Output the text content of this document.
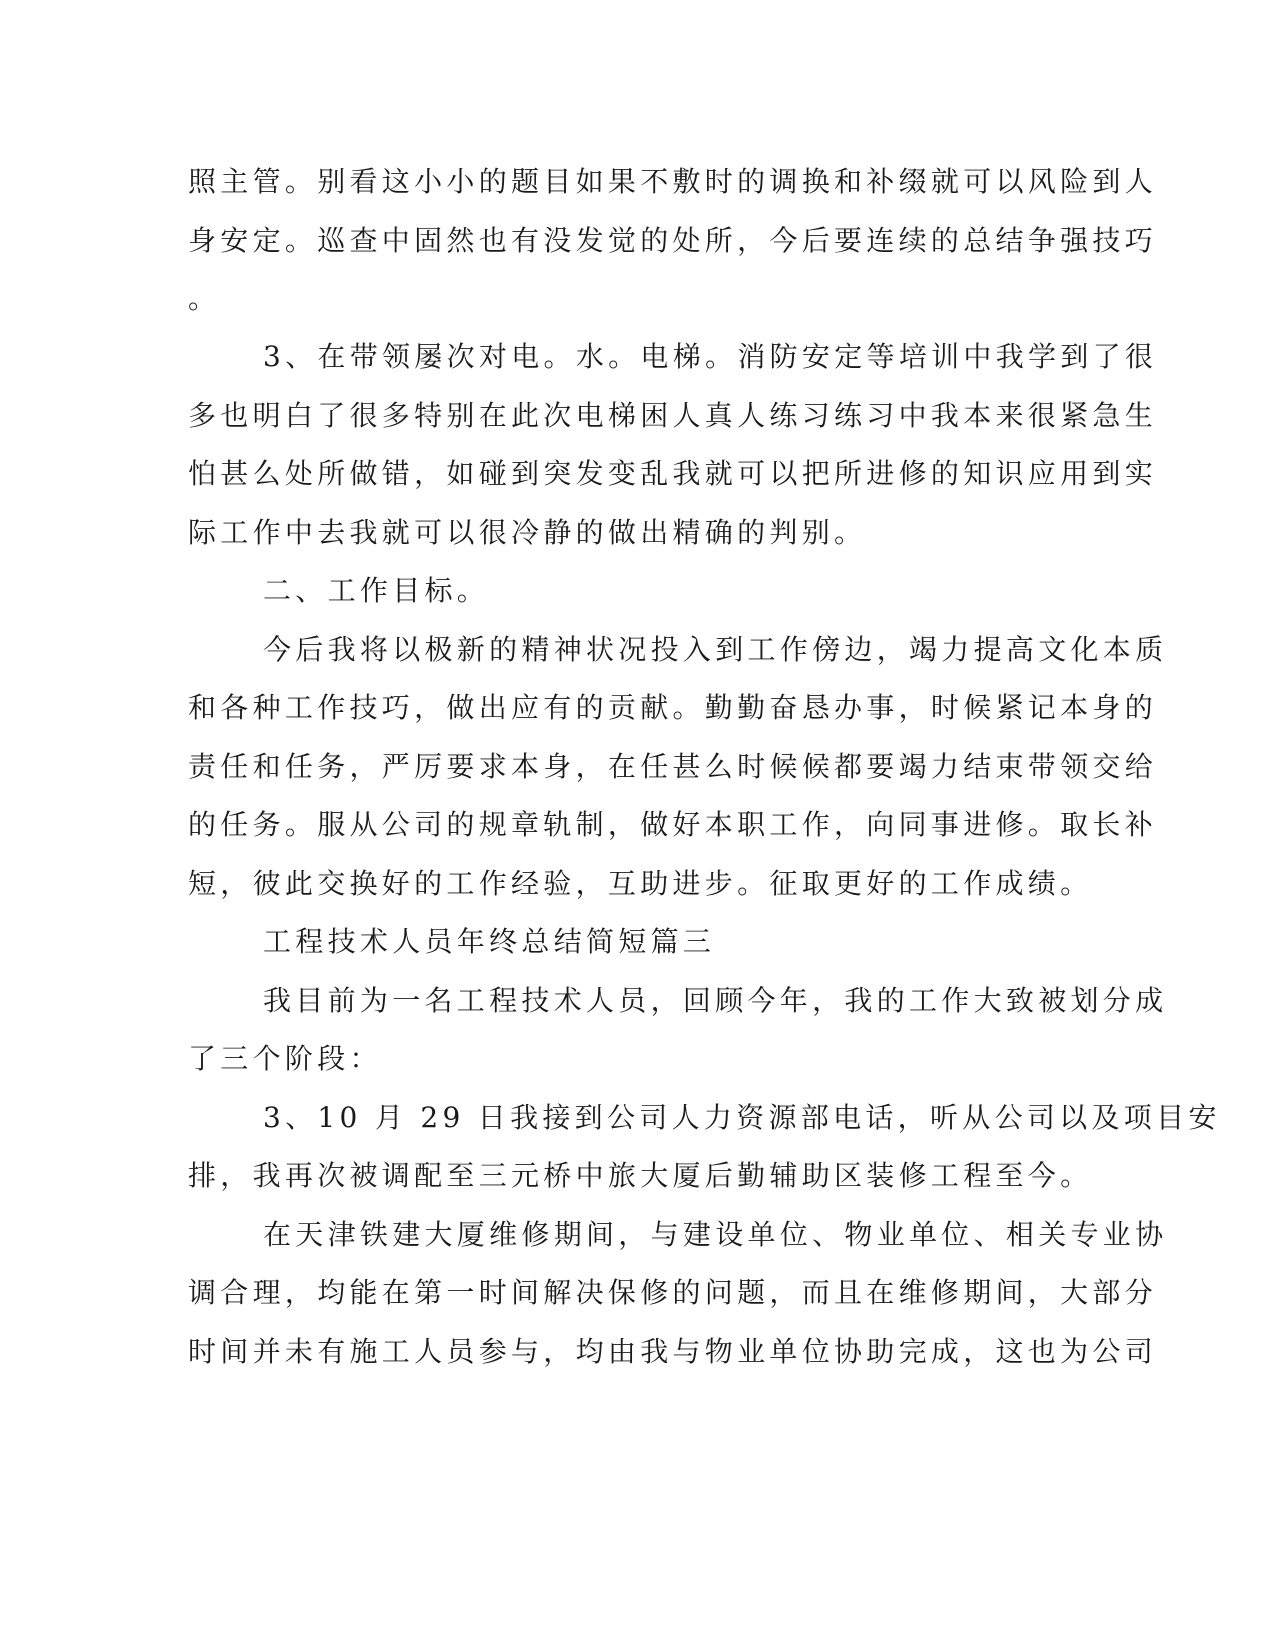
照主管。别看这小小的题目如果不敷时的调换和补缀就可以风险到人

身安定。巡查中固然也有没发觉的处所，今后要连续的总结争强技巧

。

3、在带领屡次对电。水。电梯。消防安定等培训中我学到了很

多也明白了很多特别在此次电梯困人真人练习练习中我本来很紧急生

怕甚么处所做错，如碰到突发变乱我就可以把所进修的知识应用到实

际工作中去我就可以很冷静的做出精确的判别。

二、工作目标。

今后我将以极新的精神状况投入到工作傍边，竭力提高文化本质

和各种工作技巧，做出应有的贡献。勤勤奋恳办事，时候紧记本身的

责任和任务，严厉要求本身，在任甚么时候候都要竭力结束带领交给

的任务。服从公司的规章轨制，做好本职工作，向同事进修。取长补

短，彼此交换好的工作经验，互助进步。征取更好的工作成绩。

工程技术人员年终总结简短篇三

我目前为一名工程技术人员，回顾今年，我的工作大致被划分成

了三个阶段：

3、10 月 29 日我接到公司人力资源部电话，听从公司以及项目安

排，我再次被调配至三元桥中旅大厦后勤辅助区装修工程至今。

在天津铁建大厦维修期间，与建设单位、物业单位、相关专业协

调合理，均能在第一时间解决保修的问题，而且在维修期间，大部分

时间并未有施工人员参与，均由我与物业单位协助完成，这也为公司
